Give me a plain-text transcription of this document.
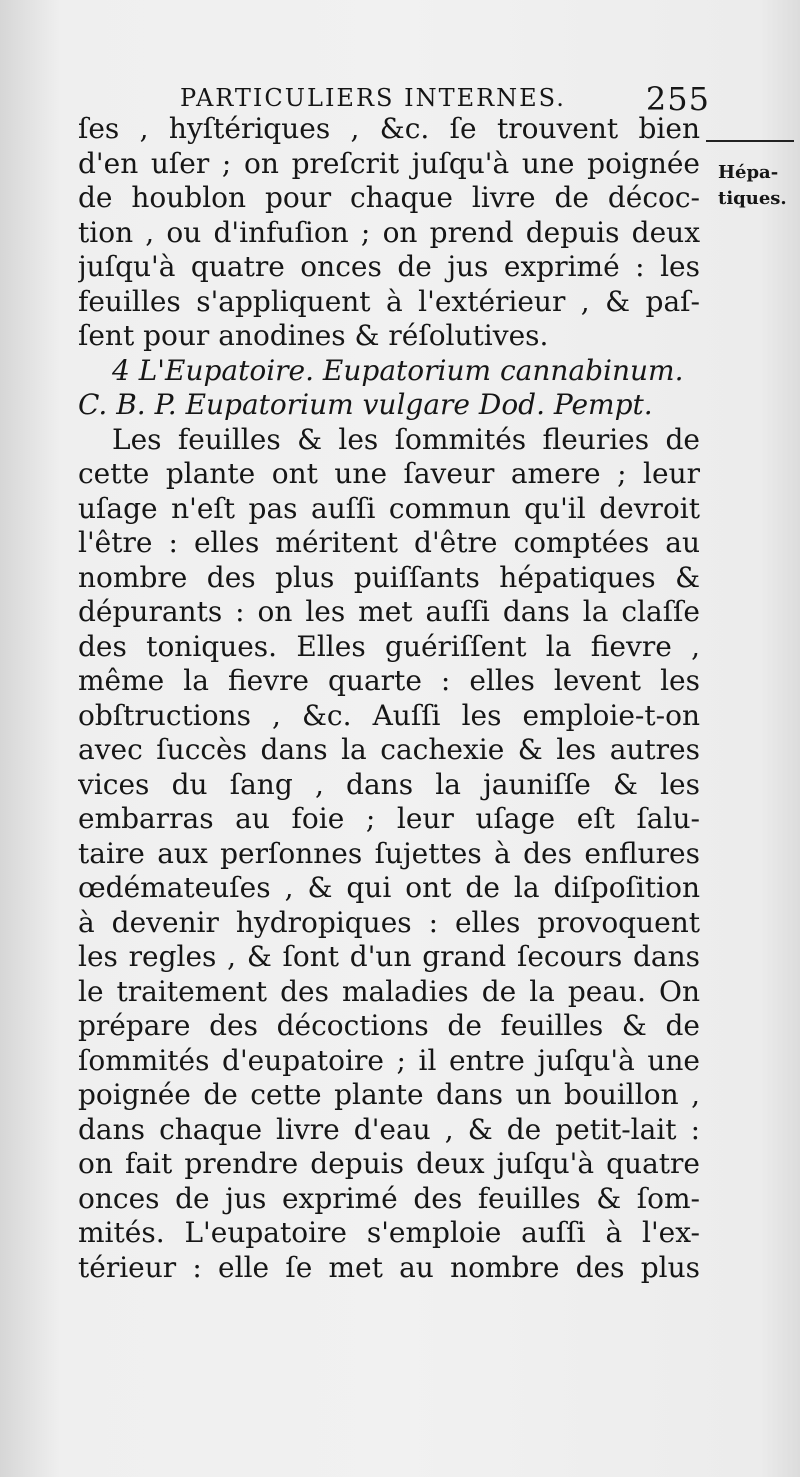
PARTICULIERS INTERNES.	255
Hépa-
tiques.
ſes , hyſtériques , &c. ſe trouvent bien
d'en uſer ; on preſcrit juſqu'à une poignée
de houblon pour chaque livre de décoc-
tion , ou d'infuſion ; on prend depuis deux
juſqu'à quatre onces de jus exprimé : les
feuilles s'appliquent à l'extérieur , & paſ-
ſent pour anodines & réſolutives.
4 L'Eupatoire. Eupatorium cannabinum.
C. B. P. Eupatorium vulgare Dod. Pempt.
Les feuilles & les ſommités fleuries de
cette plante ont une ſaveur amere ; leur
uſage n'eſt pas auſſi commun qu'il devroit
l'être : elles méritent d'être comptées au
nombre des plus puiſſants hépatiques &
dépurants : on les met auſſi dans la claſſe
des toniques. Elles guériſſent la fievre ,
même la fievre quarte : elles levent les
obſtructions , &c. Auſſi les emploie-t-on
avec ſuccès dans la cachexie & les autres
vices du ſang , dans la jauniſſe & les
embarras au foie ; leur uſage eſt ſalu-
taire aux perſonnes ſujettes à des enflures
œdémateuſes , & qui ont de la diſpoſition
à devenir hydropiques : elles provoquent
les regles , & ſont d'un grand ſecours dans
le traitement des maladies de la peau. On
prépare des décoctions de feuilles & de
ſommités d'eupatoire ; il entre juſqu'à une
poignée de cette plante dans un bouillon ,
dans chaque livre d'eau , & de petit-lait :
on fait prendre depuis deux juſqu'à quatre
onces de jus exprimé des feuilles & ſom-
mités. L'eupatoire s'emploie auſſi à l'ex-
térieur : elle ſe met au nombre des plus
